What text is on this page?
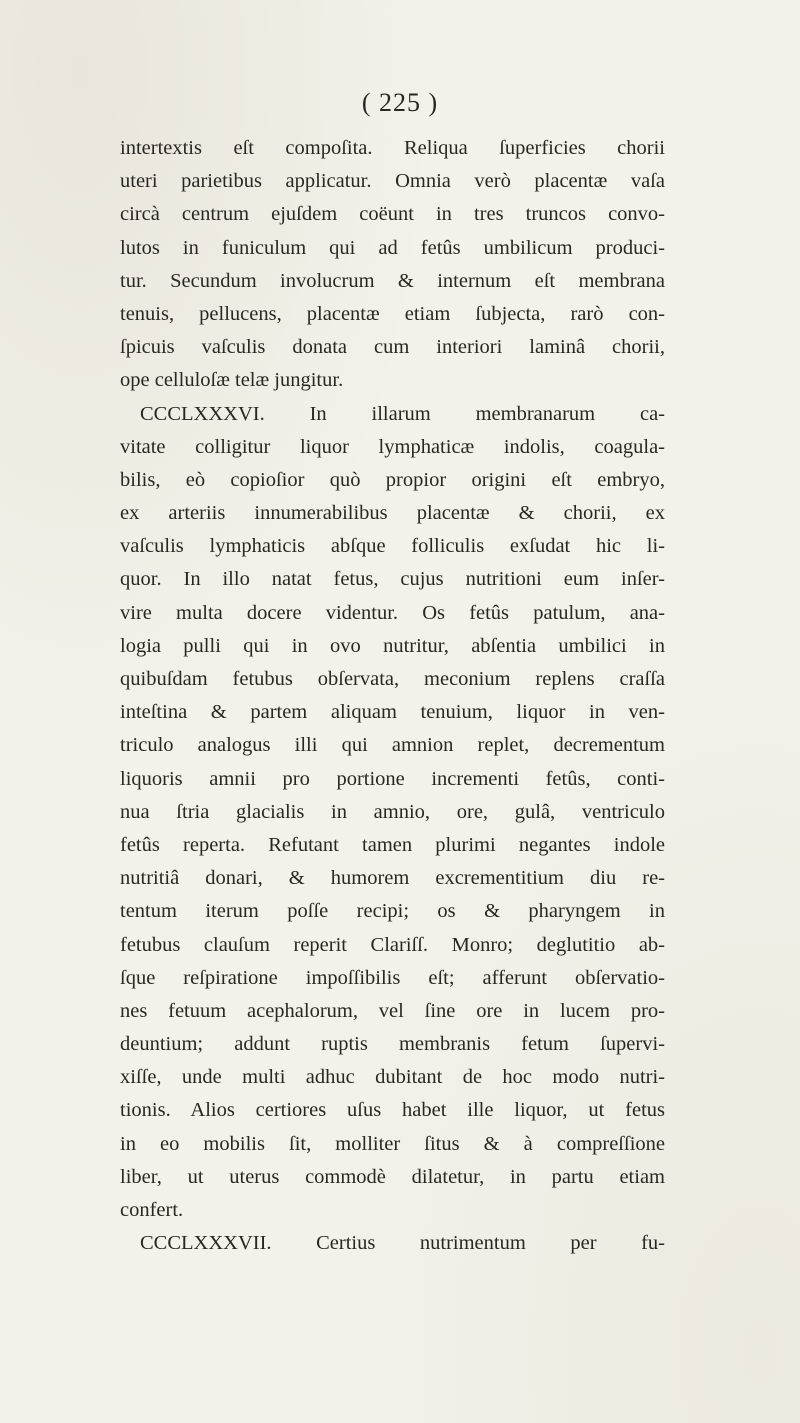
( 225 )
intertextis eſt compoſita. Reliqua ſuperficies chorii
uteri parietibus applicatur. Omnia verò placentæ vaſa
circà centrum ejuſdem coëunt in tres truncos convo-
lutos in funiculum qui ad fetûs umbilicum produci-
tur. Secundum involucrum & internum eſt membrana
tenuis, pellucens, placentæ etiam ſubjecta, rarò con-
ſpicuis vaſculis donata cum interiori laminâ chorii,
ope celluloſæ telæ jungitur.
CCCLXXXVI. In illarum membranarum ca-
vitate colligitur liquor lymphaticæ indolis, coagula-
bilis, eò copioſior quò propior origini eſt embryo,
ex arteriis innumerabilibus placentæ & chorii, ex
vaſculis lymphaticis abſque folliculis exſudat hic li-
quor. In illo natat fetus, cujus nutritioni eum inſer-
vire multa docere videntur. Os fetûs patulum, ana-
logia pulli qui in ovo nutritur, abſentia umbilici in
quibuſdam fetubus obſervata, meconium replens craſſa
inteſtina & partem aliquam tenuium, liquor in ven-
triculo analogus illi qui amnion replet, decrementum
liquoris amnii pro portione incrementi fetûs, conti-
nua ſtria glacialis in amnio, ore, gulâ, ventriculo
fetûs reperta. Refutant tamen plurimi negantes indole
nutritiâ donari, & humorem excrementitium diu re-
tentum iterum poſſe recipi; os & pharyngem in
fetubus clauſum reperit Clariſſ. Monro; deglutitio ab-
ſque reſpiratione impoſſibilis eſt; afferunt obſervatio-
nes fetuum acephalorum, vel ſine ore in lucem pro-
deuntium; addunt ruptis membranis fetum ſupervi-
xiſſe, unde multi adhuc dubitant de hoc modo nutri-
tionis. Alios certiores uſus habet ille liquor, ut fetus
in eo mobilis ſit, molliter ſitus & à compreſſione
liber, ut uterus commodè dilatetur, in partu etiam
confert.
CCCLXXXVII. Certius nutrimentum per fu-
